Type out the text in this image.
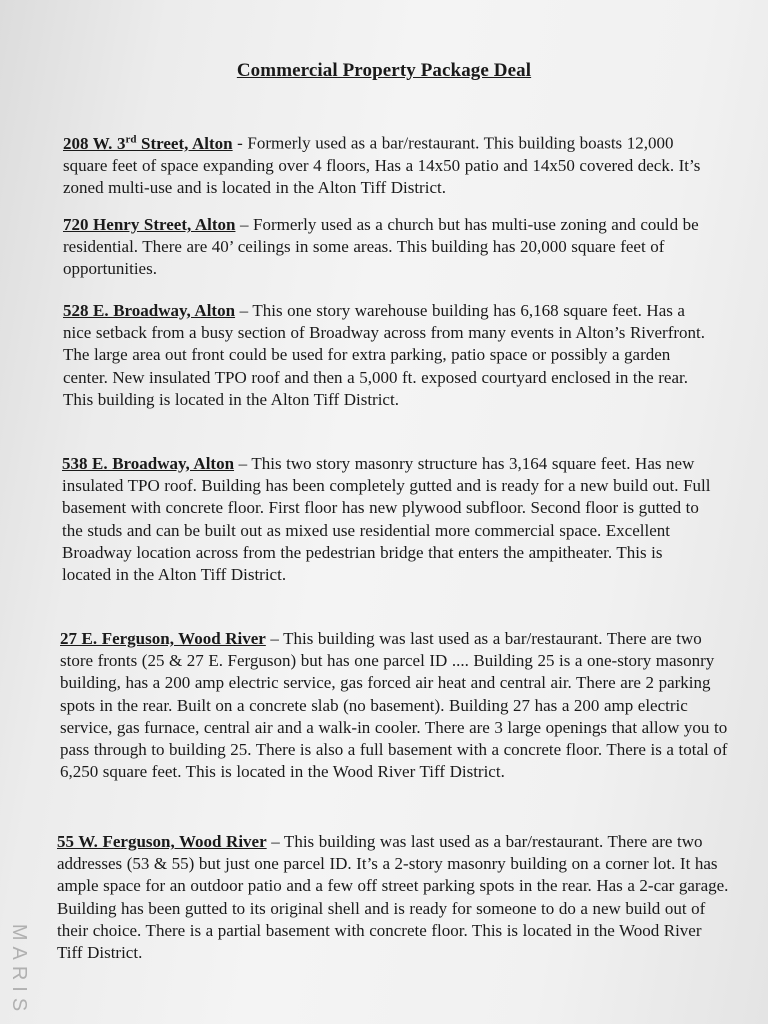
Commercial Property Package Deal
208 W. 3rd Street, Alton - Formerly used as a bar/restaurant. This building boasts 12,000 square feet of space expanding over 4 floors, Has a 14x50 patio and 14x50 covered deck. It’s zoned multi-use and is located in the Alton Tiff District.
720 Henry Street, Alton – Formerly used as a church but has multi-use zoning and could be residential. There are 40’ ceilings in some areas. This building has 20,000 square feet of opportunities.
528 E. Broadway, Alton – This one story warehouse building has 6,168 square feet. Has a nice setback from a busy section of Broadway across from many events in Alton’s Riverfront. The large area out front could be used for extra parking, patio space or possibly a garden center. New insulated TPO roof and then a 5,000 ft. exposed courtyard enclosed in the rear. This building is located in the Alton Tiff District.
538 E. Broadway, Alton – This two story masonry structure has 3,164 square feet. Has new insulated TPO roof. Building has been completely gutted and is ready for a new build out. Full basement with concrete floor. First floor has new plywood subfloor. Second floor is gutted to the studs and can be built out as mixed use residential more commercial space. Excellent Broadway location across from the pedestrian bridge that enters the ampitheater. This is located in the Alton Tiff District.
27 E. Ferguson, Wood River – This building was last used as a bar/restaurant. There are two store fronts (25 & 27 E. Ferguson) but has one parcel ID .... Building 25 is a one-story masonry building, has a 200 amp electric service, gas forced air heat and central air. There are 2 parking spots in the rear. Built on a concrete slab (no basement). Building 27 has a 200 amp electric service, gas furnace, central air and a walk-in cooler. There are 3 large openings that allow you to pass through to building 25. There is also a full basement with a concrete floor. There is a total of 6,250 square feet. This is located in the Wood River Tiff District.
55 W. Ferguson, Wood River – This building was last used as a bar/restaurant. There are two addresses (53 & 55) but just one parcel ID. It’s a 2-story masonry building on a corner lot. It has ample space for an outdoor patio and a few off street parking spots in the rear. Has a 2-car garage. Building has been gutted to its original shell and is ready for someone to do a new build out of their choice. There is a partial basement with concrete floor. This is located in the Wood River Tiff District.
MARIS
